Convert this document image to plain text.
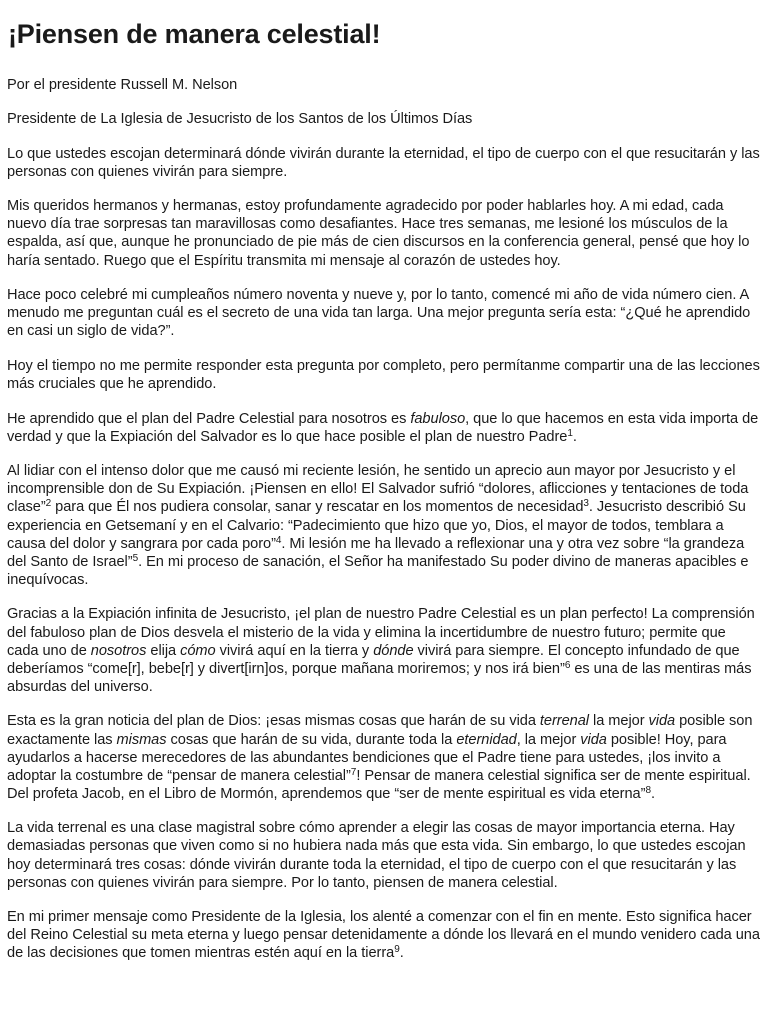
¡Piensen de manera celestial!

Por el presidente Russell M. Nelson

Presidente de La Iglesia de Jesucristo de los Santos de los Últimos Días

Lo que ustedes escojan determinará dónde vivirán durante la eternidad, el tipo de cuerpo con el que resucitarán y las personas con quienes vivirán para siempre.

Mis queridos hermanos y hermanas, estoy profundamente agradecido por poder hablarles hoy. A mi edad, cada nuevo día trae sorpresas tan maravillosas como desafiantes. Hace tres semanas, me lesioné los músculos de la espalda, así que, aunque he pronunciado de pie más de cien discursos en la conferencia general, pensé que hoy lo haría sentado. Ruego que el Espíritu transmita mi mensaje al corazón de ustedes hoy.

Hace poco celebré mi cumpleaños número noventa y nueve y, por lo tanto, comencé mi año de vida número cien. A menudo me preguntan cuál es el secreto de una vida tan larga. Una mejor pregunta sería esta: “¿Qué he aprendido en casi un siglo de vida?”.

Hoy el tiempo no me permite responder esta pregunta por completo, pero permítanme compartir una de las lecciones más cruciales que he aprendido.

He aprendido que el plan del Padre Celestial para nosotros es fabuloso, que lo que hacemos en esta vida importa de verdad y que la Expiación del Salvador es lo que hace posible el plan de nuestro Padre$^1$.

Al lidiar con el intenso dolor que me causó mi reciente lesión, he sentido un aprecio aun mayor por Jesucristo y el incomprensible don de Su Expiación. ¡Piensen en ello! El Salvador sufrió “dolores, aflicciones y tentaciones de toda clase”$^2$ para que Él nos pudiera consolar, sanar y rescatar en los momentos de necesidad$^3$. Jesucristo describió Su experiencia en Getsemaní y en el Calvario: “Padecimiento que hizo que yo, Dios, el mayor de todos, temblara a causa del dolor y sangrara por cada poro”$^4$. Mi lesión me ha llevado a reflexionar una y otra vez sobre “la grandeza del Santo de Israel”$^5$. En mi proceso de sanación, el Señor ha manifestado Su poder divino de maneras apacibles e inequívocas.

Gracias a la Expiación infinita de Jesucristo, ¡el plan de nuestro Padre Celestial es un plan perfecto! La comprensión del fabuloso plan de Dios desvela el misterio de la vida y elimina la incertidumbre de nuestro futuro; permite que cada uno de nosotros elija cómo vivirá aquí en la tierra y dónde vivirá para siempre. El concepto infundado de que deberíamos “come[r], bebe[r] y divert[irn]os, porque mañana moriremos; y nos irá bien”$^6$ es una de las mentiras más absurdas del universo.

Esta es la gran noticia del plan de Dios: ¡esas mismas cosas que harán de su vida terrenal la mejor vida posible son exactamente las mismas cosas que harán de su vida, durante toda la eternidad, la mejor vida posible! Hoy, para ayudarlos a hacerse merecedores de las abundantes bendiciones que el Padre tiene para ustedes, ¡los invito a adoptar la costumbre de “pensar de manera celestial”$^7$! Pensar de manera celestial significa ser de mente espiritual. Del profeta Jacob, en el Libro de Mormón, aprendemos que “ser de mente espiritual es vida eterna”$^8$.

La vida terrenal es una clase magistral sobre cómo aprender a elegir las cosas de mayor importancia eterna. Hay demasiadas personas que viven como si no hubiera nada más que esta vida. Sin embargo, lo que ustedes escojan hoy determinará tres cosas: dónde vivirán durante toda la eternidad, el tipo de cuerpo con el que resucitarán y las personas con quienes vivirán para siempre. Por lo tanto, piensen de manera celestial.

En mi primer mensaje como Presidente de la Iglesia, los alenté a comenzar con el fin en mente. Esto significa hacer del Reino Celestial su meta eterna y luego pensar detenidamente a dónde los llevará en el mundo venidero cada una de las decisiones que tomen mientras estén aquí en la tierra$^9$.
